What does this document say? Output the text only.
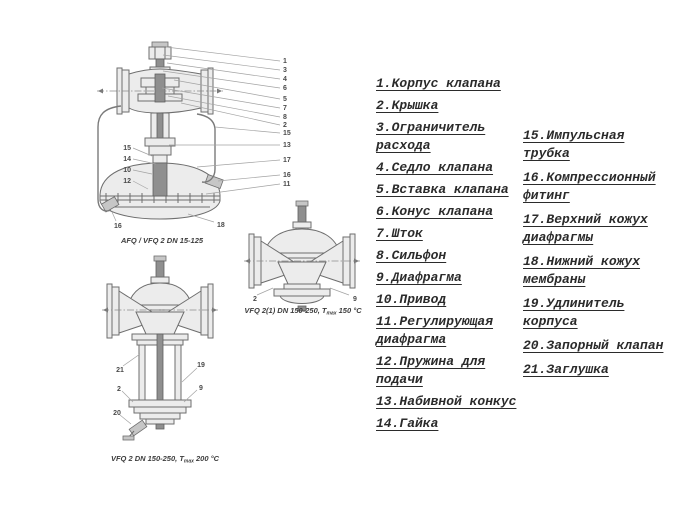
1
3
4
6
5
7
8
2
15
13
17
16
11
15
14
10
12
16	18
AFQ / VFQ 2 DN 15-125
2	9
VFQ 2(1) DN 150-250, $T_{max}$ 150 °C
21
19
2	9
20
VFQ 2 DN 150-250, $T_{max}$ 200 °C
1.Корпус клапана
2.Крышка
3.Ограничитель расхода
4.Седло клапана
5.Вставка клапана
6.Конус клапана
7.Шток
8.Сильфон
9.Диафрагма
10.Привод
11.Регулирующая диафрагма
12.Пружина для подачи
13.Набивной конкус
14.Гайка
15.Импульсная трубка
16.Компрессионный фитинг
17.Верхний кожух диафрагмы
18.Нижний кожух мембраны
19.Удлинитель корпуса
20.Запорный клапан
21.Заглушка
